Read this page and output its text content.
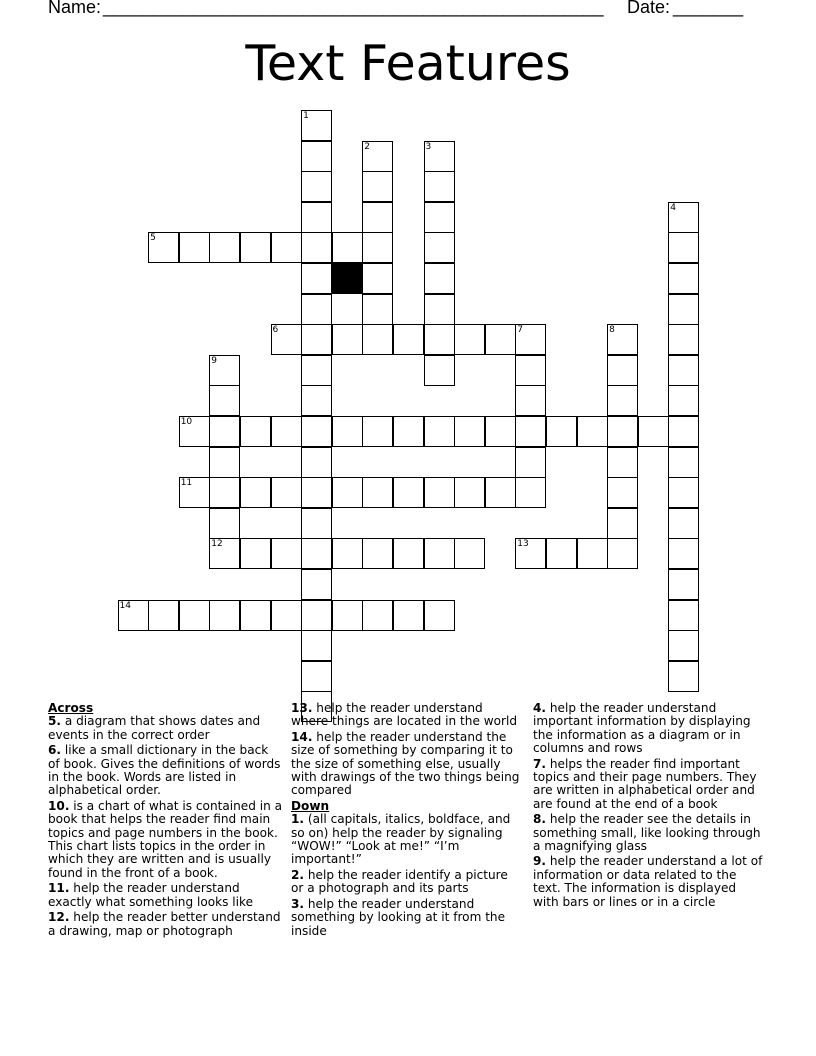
Name: __________________________________________________ Date: _______
Text Features
5
6	7
10
11
12	13
14
1
2	3
4
8
9
Across
5. a diagram that shows dates and events in the correct order
6. like a small dictionary in the back of book. Gives the definitions of words in the book. Words are listed in alphabetical order.
10. is a chart of what is contained in a book that helps the reader find main topics and page numbers in the book. This chart lists topics in the order in which they are written and is usually found in the front of a book.
11. help the reader understand exactly what something looks like
12. help the reader better understand a drawing, map or photograph
13. help the reader understand where things are located in the world
14. help the reader understand the size of something by comparing it to the size of something else, usually with drawings of the two things being compared
Down
1. (all capitals, italics, boldface, and so on) help the reader by signaling “WOW!” “Look at me!” “I’m important!”
2. help the reader identify a picture or a photograph and its parts
3. help the reader understand something by looking at it from the inside
4. help the reader understand important information by displaying the information as a diagram or in columns and rows
7. helps the reader find important topics and their page numbers. They are written in alphabetical order and are found at the end of a book
8. help the reader see the details in something small, like looking through a magnifying glass
9. help the reader understand a lot of information or data related to the text. The information is displayed with bars or lines or in a circle
